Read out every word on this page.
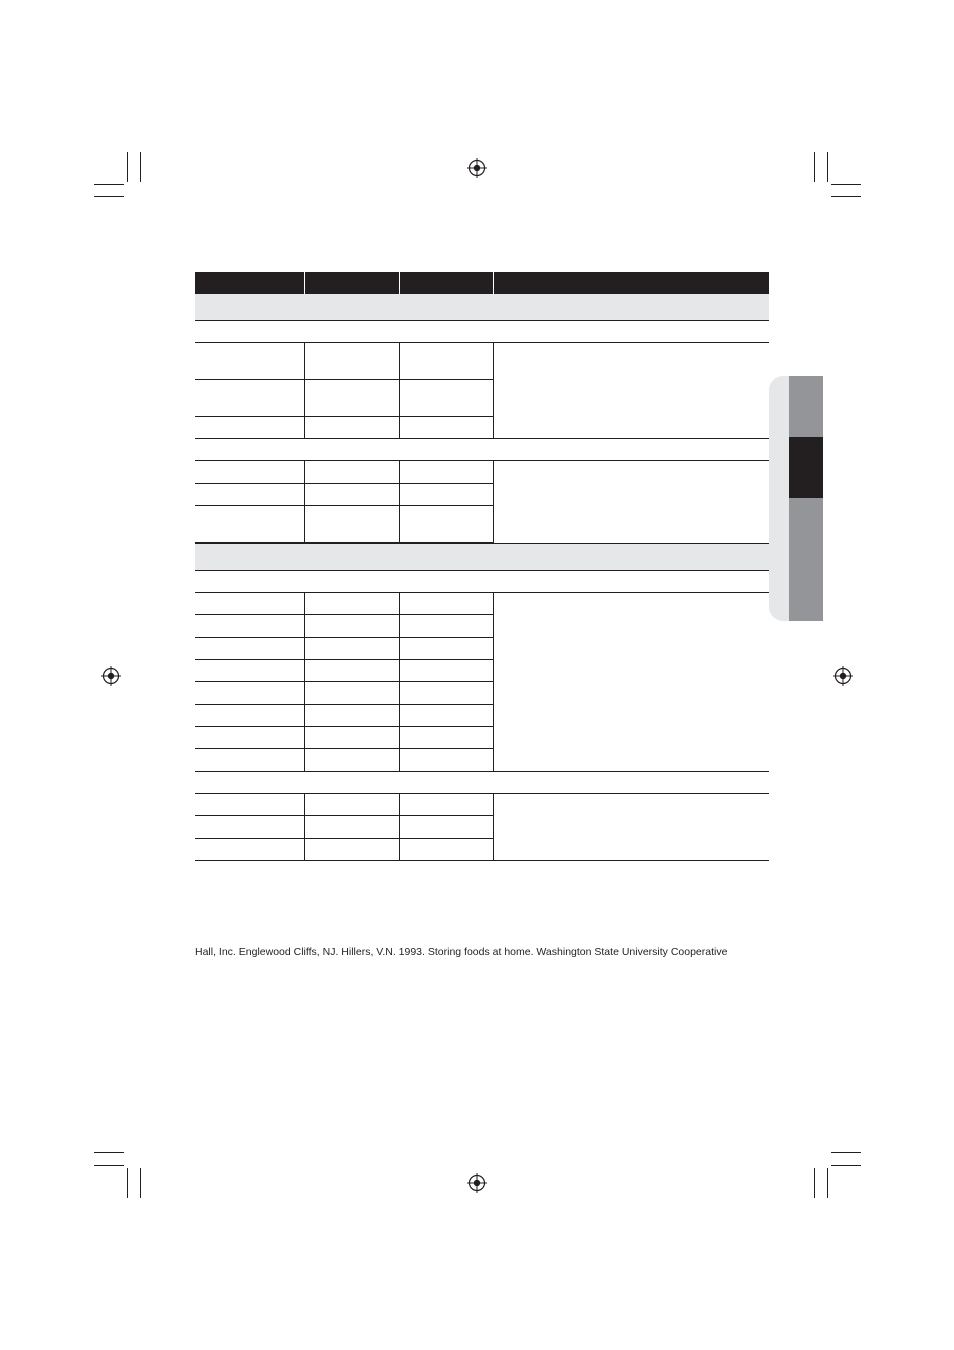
Hall, Inc. Englewood Cliffs, NJ. Hillers, V.N. 1993. Storing foods at home. Washington State University Cooperative
